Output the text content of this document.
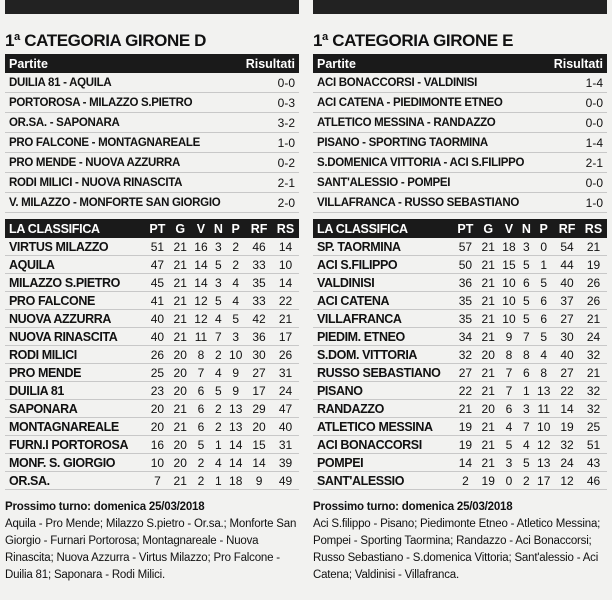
1ª CATEGORIA GIRONE D
Partite	Risultati
DUILIA 81 - AQUILA	0-0
PORTOROSA - MILAZZO S.PIETRO	0-3
OR.SA. - SAPONARA	3-2
PRO FALCONE - MONTAGNAREALE	1-0
PRO MENDE - NUOVA AZZURRA	0-2
RODI MILICI - NUOVA RINASCITA	2-1
V. MILAZZO - MONFORTE SAN GIORGIO	2-0
LA CLASSIFICA	PT	G	V	N	P	RF	RS
VIRTUS MILAZZO	51	21	16	3	2	46	14
AQUILA	47	21	14	5	2	33	10
MILAZZO S.PIETRO	45	21	14	3	4	35	14
PRO FALCONE	41	21	12	5	4	33	22
NUOVA AZZURRA	40	21	12	4	5	42	21
NUOVA RINASCITA	40	21	11	7	3	36	17
RODI MILICI	26	20	8	2	10	30	26
PRO MENDE	25	20	7	4	9	27	31
DUILIA 81	23	20	6	5	9	17	24
SAPONARA	20	21	6	2	13	29	47
MONTAGNAREALE	20	21	6	2	13	20	40
FURN.I PORTOROSA	16	20	5	1	14	15	31
MONF. S. GIORGIO	10	20	2	4	14	14	39
OR.SA.	7	21	2	1	18	9	49
Prossimo turno: domenica 25/03/2018
Aquila - Pro Mende; Milazzo S.pietro - Or.sa.; Monforte San Giorgio - Furnari Portorosa; Montagnareale - Nuova Rinascita; Nuova Azzurra - Virtus Milazzo; Pro Falcone - Duilia 81; Saponara - Rodi Milici.
1ª CATEGORIA GIRONE E
Partite	Risultati
ACI BONACCORSI - VALDINISI	1-4
ACI CATENA - PIEDIMONTE ETNEO	0-0
ATLETICO MESSINA - RANDAZZO	0-0
PISANO - SPORTING TAORMINA	1-4
S.DOMENICA VITTORIA - ACI S.FILIPPO	2-1
SANT'ALESSIO - POMPEI	0-0
VILLAFRANCA - RUSSO SEBASTIANO	1-0
LA CLASSIFICA	PT	G	V	N	P	RF	RS
SP. TAORMINA	57	21	18	3	0	54	21
ACI S.FILIPPO	50	21	15	5	1	44	19
VALDINISI	36	21	10	6	5	40	26
ACI CATENA	35	21	10	5	6	37	26
VILLAFRANCA	35	21	10	5	6	27	21
PIEDIM. ETNEO	34	21	9	7	5	30	24
S.DOM. VITTORIA	32	20	8	8	4	40	32
RUSSO SEBASTIANO	27	21	7	6	8	27	21
PISANO	22	21	7	1	13	22	32
RANDAZZO	21	20	6	3	11	14	32
ATLETICO MESSINA	19	21	4	7	10	19	25
ACI BONACCORSI	19	21	5	4	12	32	51
POMPEI	14	21	3	5	13	24	43
SANT'ALESSIO	2	19	0	2	17	12	46
Prossimo turno: domenica 25/03/2018
Aci S.filippo - Pisano; Piedimonte Etneo - Atletico Messina; Pompei - Sporting Taormina; Randazzo - Aci Bonaccorsi; Russo Sebastiano - S.domenica Vittoria; Sant'alessio - Aci Catena; Valdinisi - Villafranca.
